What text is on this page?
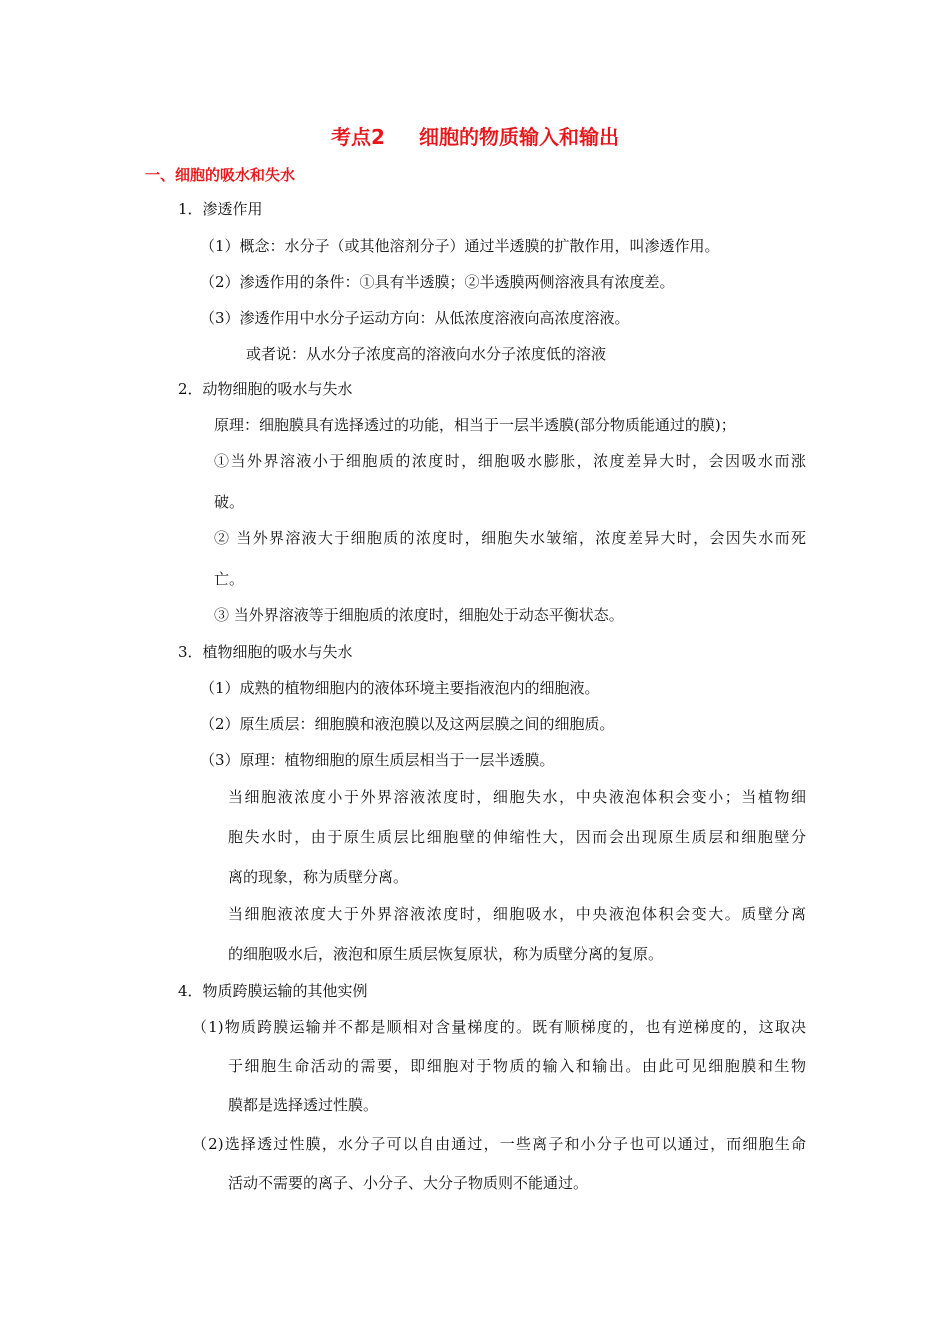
考点2 细胞的物质输入和输出
一、细胞的吸水和失水
1．渗透作用
（1）概念：水分子（或其他溶剂分子）通过半透膜的扩散作用，叫渗透作用。
（2）渗透作用的条件：①具有半透膜；②半透膜两侧溶液具有浓度差。
（3）渗透作用中水分子运动方向：从低浓度溶液向高浓度溶液。
或者说：从水分子浓度高的溶液向水分子浓度低的溶液
2．动物细胞的吸水与失水
原理：细胞膜具有选择透过的功能，相当于一层半透膜(部分物质能通过的膜)；
①当外界溶液小于细胞质的浓度时，细胞吸水膨胀，浓度差异大时，会因吸水而涨
破。
② 当外界溶液大于细胞质的浓度时，细胞失水皱缩，浓度差异大时，会因失水而死
亡。
③ 当外界溶液等于细胞质的浓度时，细胞处于动态平衡状态。
3．植物细胞的吸水与失水
（1）成熟的植物细胞内的液体环境主要指液泡内的细胞液。
（2）原生质层：细胞膜和液泡膜以及这两层膜之间的细胞质。
（3）原理：植物细胞的原生质层相当于一层半透膜。
当细胞液浓度小于外界溶液浓度时，细胞失水，中央液泡体积会变小；当植物细
胞失水时，由于原生质层比细胞壁的伸缩性大，因而会出现原生质层和细胞壁分
离的现象，称为质壁分离。
当细胞液浓度大于外界溶液浓度时，细胞吸水，中央液泡体积会变大。质壁分离
的细胞吸水后，液泡和原生质层恢复原状，称为质壁分离的复原。
4．物质跨膜运输的其他实例
（1)物质跨膜运输并不都是顺相对含量梯度的。既有顺梯度的，也有逆梯度的，这取决
于细胞生命活动的需要，即细胞对于物质的输入和输出。由此可见细胞膜和生物
膜都是选择透过性膜。
（2)选择透过性膜，水分子可以自由通过，一些离子和小分子也可以通过，而细胞生命
活动不需要的离子、小分子、大分子物质则不能通过。
